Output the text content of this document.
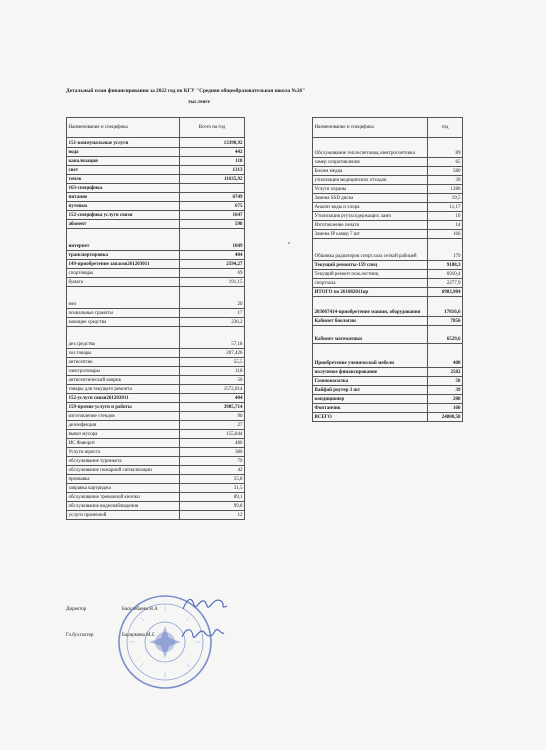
Детальный план финансирования за 2022 год по КГУ "Средняя общеобразовательная школа №26"
тыс.тенге
Наименование и специфика	Всего на год
151-коммунальные услуги	13390,92
вода	442
канализация	118
свет	1313
тепло	11635,92
163-специфика	
питание	6749
путевки	675
152-специфика услуги связи	1647
абонент	598
интернет	1049
транспортировка	404
149-приобретение запасов261203011	2594,27
спортовары	69
бумага	191,15
мел	20
похвальные грамоты	17
моющие средства	236,2
дез.средства	57,18
хоз.товары	207,426
антисептик	55,5
электротовары	118
антисептический коврик	50
товары для текущего ремонта	1572,814
152-услуги связи261203011	404
159-прочие услуги и работы	3985,714
изготовление стендов	90
дезинфекция	27
вывоз мусора	155,844
ИС Фаворит	480
Услуги юриста	380
обслуживание турникета	79
обслуживание пожарной сигнализации	42
промывка	55,8
заправка картриджа	31,5
обслуживание тревожной кнопки	89,1
обслуживание видеонаблюдения	99,8
услуги прачечной	12
Наименование и специфика	год
Обслуживание теплосчетчика,электросчетчика	89
замер сопротивления	65
Билим медиа	580
утилизация медицинских отходов	30
Услуги охраны	1280
Замена SSD диска	19,5
Анализ воды и хлора	11,17
Утилизация ртутьсодержащих ламп	10
Изготовление печати	14
Замена IP камер 7 шт	166
Обшивка радиаторов спорт.зала сеткой рабицей	179
Текущий ремонты-159 спец	9188,3
Текущий ремонт пож.лестниц	6910,4
спортзала	2277,9
ИТОГО по 261082011пр	6983,984
203067414-приобретение машин, оборудования	17816,6
Кабинет биологии	7856
Кабинет математики	6529,6
Приобретение ученической мебели	400
полученое финансирование	2582
Газонокосилка	50
Вайфай роутер 3 шт	39
кондиционер	200
Фонтанчик	160
ВСЕГО	24800,58
Директор	Басканбаева Н.А
Гл.бухгалтер	Бакирмова М.С
